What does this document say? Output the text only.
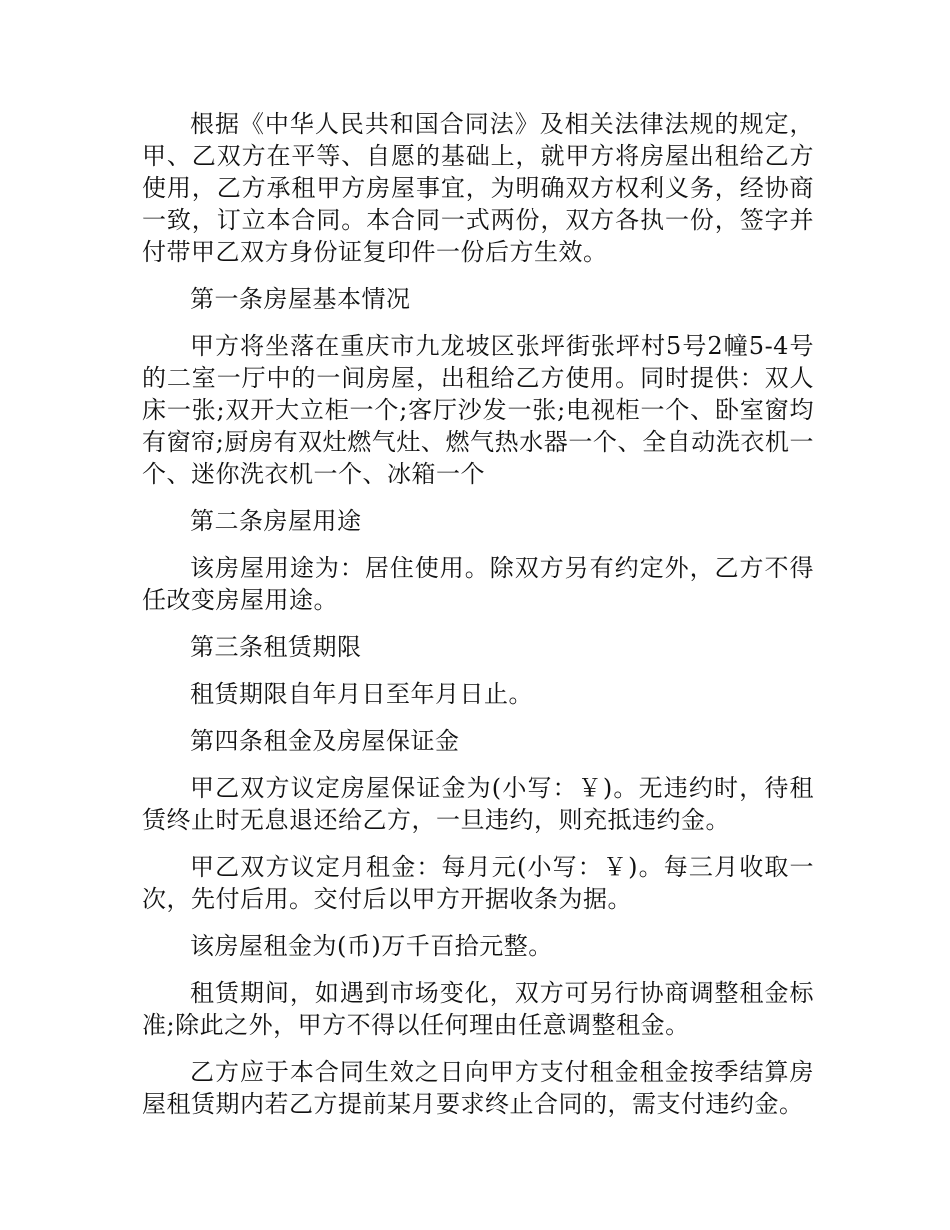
根据《中华人民共和国合同法》及相关法律法规的规定，甲、乙双方在平等、自愿的基础上，就甲方将房屋出租给乙方使用，乙方承租甲方房屋事宜，为明确双方权利义务，经协商一致，订立本合同。本合同一式两份，双方各执一份，签字并付带甲乙双方身份证复印件一份后方生效。

第一条房屋基本情况

甲方将坐落在重庆市九龙坡区张坪街张坪村5号2幢5-4号的二室一厅中的一间房屋，出租给乙方使用。同时提供：双人床一张;双开大立柜一个;客厅沙发一张;电视柜一个、卧室窗均有窗帘;厨房有双灶燃气灶、燃气热水器一个、全自动洗衣机一个、迷你洗衣机一个、冰箱一个

第二条房屋用途

该房屋用途为：居住使用。除双方另有约定外，乙方不得任改变房屋用途。

第三条租赁期限

租赁期限自年月日至年月日止。

第四条租金及房屋保证金

甲乙双方议定房屋保证金为(小写：￥)。无违约时，待租赁终止时无息退还给乙方，一旦违约，则充抵违约金。

甲乙双方议定月租金：每月元(小写：￥)。每三月收取一次，先付后用。交付后以甲方开据收条为据。

该房屋租金为(币)万千百拾元整。

租赁期间，如遇到市场变化，双方可另行协商调整租金标准;除此之外，甲方不得以任何理由任意调整租金。

乙方应于本合同生效之日向甲方支付租金租金按季结算房屋租赁期内若乙方提前某月要求终止合同的，需支付违约金。
